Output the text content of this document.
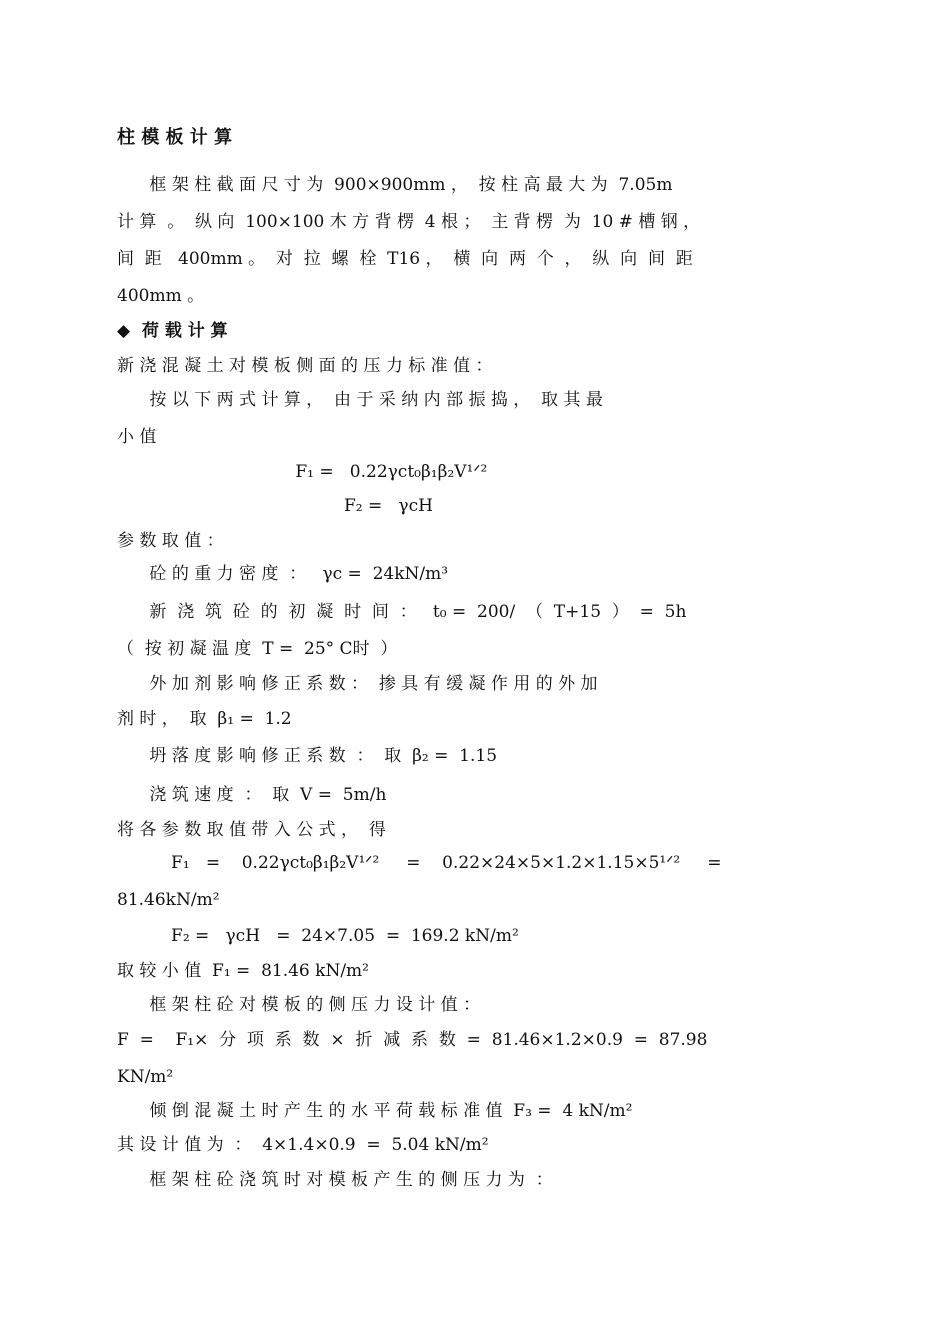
柱 模 板 计 算
框 架 柱 截 面 尺 寸 为  900×900mm ，  按 柱 高 最 大 为  7.05m
计 算  。  纵 向  100×100 木 方 背 楞  4 根 ；  主 背 楞  为  10 # 槽 钢 ，
间  距   400mm 。  对  拉  螺  栓  T16 ，  横  向  两  个  ，  纵  向  间  距
400mm 。
◆  荷 载 计 算
新 浇 混 凝 土 对 模 板 侧 面 的 压 力 标 准 值 ：
按 以 下 两 式 计 算 ，  由 于 采 纳 内 部 振 捣 ，  取 其 最
小 值
F₁ =   0.22γct₀β₁β₂V¹ᐟ²
F₂ =   γcH
参 数 取 值 ：
砼 的 重 力 密 度  ：   γc =  24kN/m³
新  浇  筑  砼  的  初  凝  时  间  ：   t₀ =  200/  （  T+15  ）  =  5h
（  按 初 凝 温 度  T =  25° C时  ）
外 加 剂 影 响 修 正 系 数 ：  掺 具 有 缓 凝 作 用 的 外 加
剂 时 ，  取  β₁ =  1.2
坍 落 度 影 响 修 正 系 数  ：  取  β₂ =  1.15
浇 筑 速 度  ：  取  V =  5m/h
将 各 参 数 取 值 带 入 公 式 ，  得
F₁   =    0.22γct₀β₁β₂V¹ᐟ²     =    0.22×24×5×1.2×1.15×5¹ᐟ²     =
81.46kN/m²
F₂ =   γcH   =  24×7.05  =  169.2 kN/m²
取 较 小 值  F₁ =  81.46 kN/m²
框 架 柱 砼 对 模 板 的 侧 压 力 设 计 值 ：
F  =    F₁×  分  项  系  数  ×  折  减  系  数  =  81.46×1.2×0.9  =  87.98
KN/m²
倾 倒 混 凝 土 时 产 生 的 水 平 荷 载 标 准 值  F₃ =  4 kN/m²
其 设 计 值 为  ：  4×1.4×0.9  =  5.04 kN/m²
框 架 柱 砼 浇 筑 时 对 模 板 产 生 的 侧 压 力 为  ：
